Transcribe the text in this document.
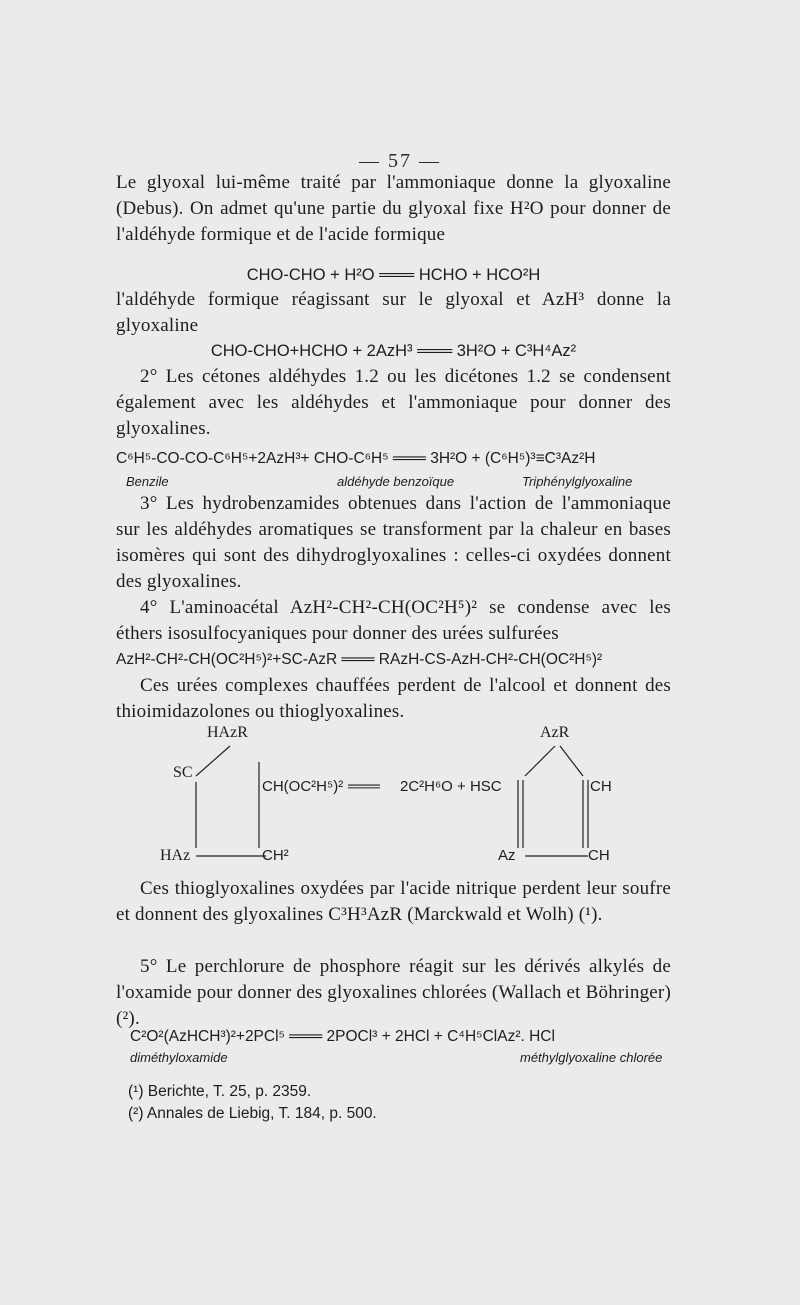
— 57 —

Le glyoxal lui-même traité par l'ammoniaque donne la glyoxaline (Debus). On admet qu'une partie du glyoxal fixe H²O pour donner de l'aldéhyde formique et de l'acide formique

CHO-CHO + H²O ═══ HCHO + HCO²H

l'aldéhyde formique réagissant sur le glyoxal et AzH³ donne la glyoxaline

CHO-CHO+HCHO + 2AzH³ ═══ 3H²O + C³H⁴Az²

2° Les cétones aldéhydes 1.2 ou les dicétones 1.2 se condensent également avec les aldéhydes et l'ammoniaque pour donner des glyoxalines.

C⁶H⁵-CO-CO-C⁶H⁵+2AzH³+ CHO-C⁶H⁵ ═══ 3H²O + (C⁶H⁵)³≡C³Az²H
Benzile	aldéhyde benzoïque	Triphénylglyoxaline

3° Les hydrobenzamides obtenues dans l'action de l'ammoniaque sur les aldéhydes aromatiques se transforment par la chaleur en bases isomères qui sont des dihydroglyoxalines : celles-ci oxydées donnent des glyoxalines.

4° L'aminoacétal AzH²-CH²-CH(OC²H⁵)² se condense avec les éthers isosulfocyaniques pour donner des urées sulfurées

AzH²-CH²-CH(OC²H⁵)²+SC-AzR ═══ RAzH-CS-AzH-CH²-CH(OC²H⁵)²

Ces urées complexes chauffées perdent de l'alcool et donnent des thioimidazolones ou thioglyoxalines.

HAzR
SC
CH(OC²H⁵)² ═══ 2C²H⁶O + HSC
HAz	CH²
AzR
CH
Az	CH

Ces thioglyoxalines oxydées par l'acide nitrique perdent leur soufre et donnent des glyoxalines C³H³AzR (Marckwald et Wolh) (¹).

5° Le perchlorure de phosphore réagit sur les dérivés alkylés de l'oxamide pour donner des glyoxalines chlorées (Wallach et Böhringer) (²).

C²O²(AzHCH³)²+2PCl⁵ ═══ 2POCl³ + 2HCl + C⁴H⁵ClAz². HCl
diméthyloxamide	méthylglyoxaline chlorée
(¹) Berichte, T. 25, p. 2359.
(²) Annales de Liebig, T. 184, p. 500.
